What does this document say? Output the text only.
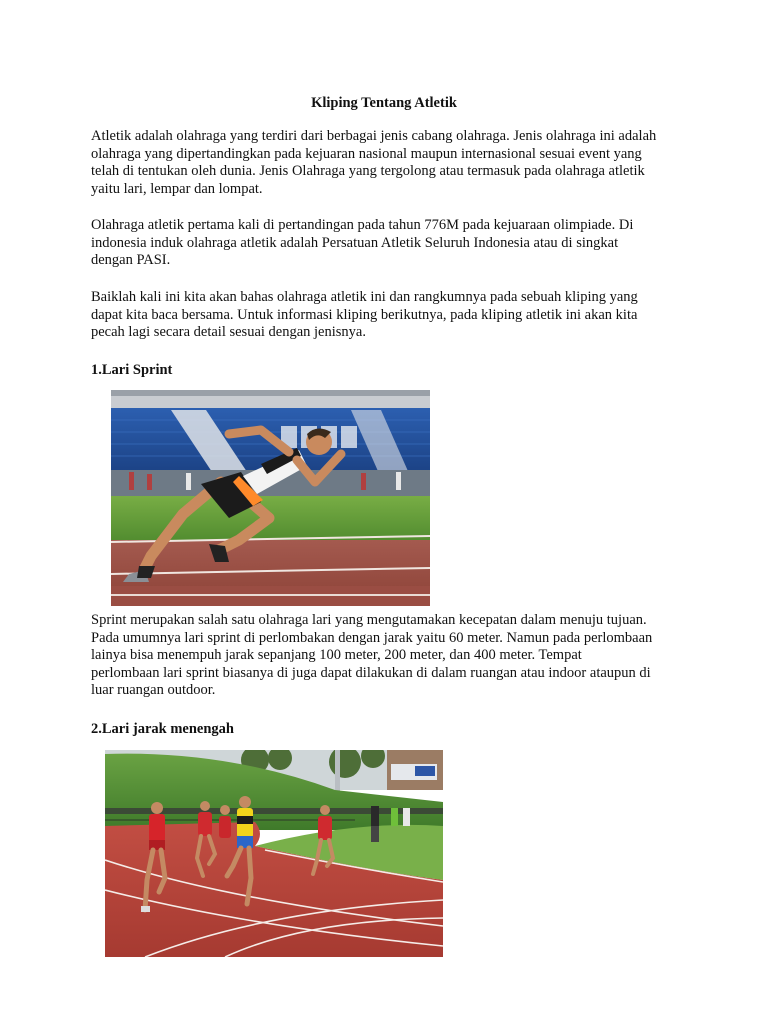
Kliping Tentang Atletik

Atletik adalah olahraga yang terdiri dari berbagai jenis cabang olahraga. Jenis olahraga ini adalah
olahraga yang dipertandingkan pada kejuaran nasional maupun internasional sesuai event yang
telah di tentukan oleh dunia. Jenis Olahraga yang tergolong atau termasuk pada olahraga atletik
yaitu lari, lempar dan lompat.

Olahraga atletik pertama kali di pertandingan pada tahun 776M pada kejuaraan olimpiade. Di
indonesia induk olahraga atletik adalah Persatuan Atletik Seluruh Indonesia atau di singkat
dengan PASI.

Baiklah kali ini kita akan bahas olahraga atletik ini dan rangkumnya pada sebuah kliping yang
dapat kita baca bersama. Untuk informasi kliping berikutnya, pada kliping atletik ini akan kita
pecah lagi secara detail sesuai dengan jenisnya.

1.Lari Sprint

Sprint merupakan salah satu olahraga lari yang mengutamakan kecepatan dalam menuju tujuan.
Pada umumnya lari sprint di perlombakan dengan jarak yaitu 60 meter. Namun pada perlombaan
lainya bisa menempuh jarak sepanjang 100 meter, 200 meter, dan 400 meter. Tempat
perlombaan lari sprint biasanya di juga dapat dilakukan di dalam ruangan atau indoor ataupun di
luar ruangan outdoor.

2.Lari jarak menengah
